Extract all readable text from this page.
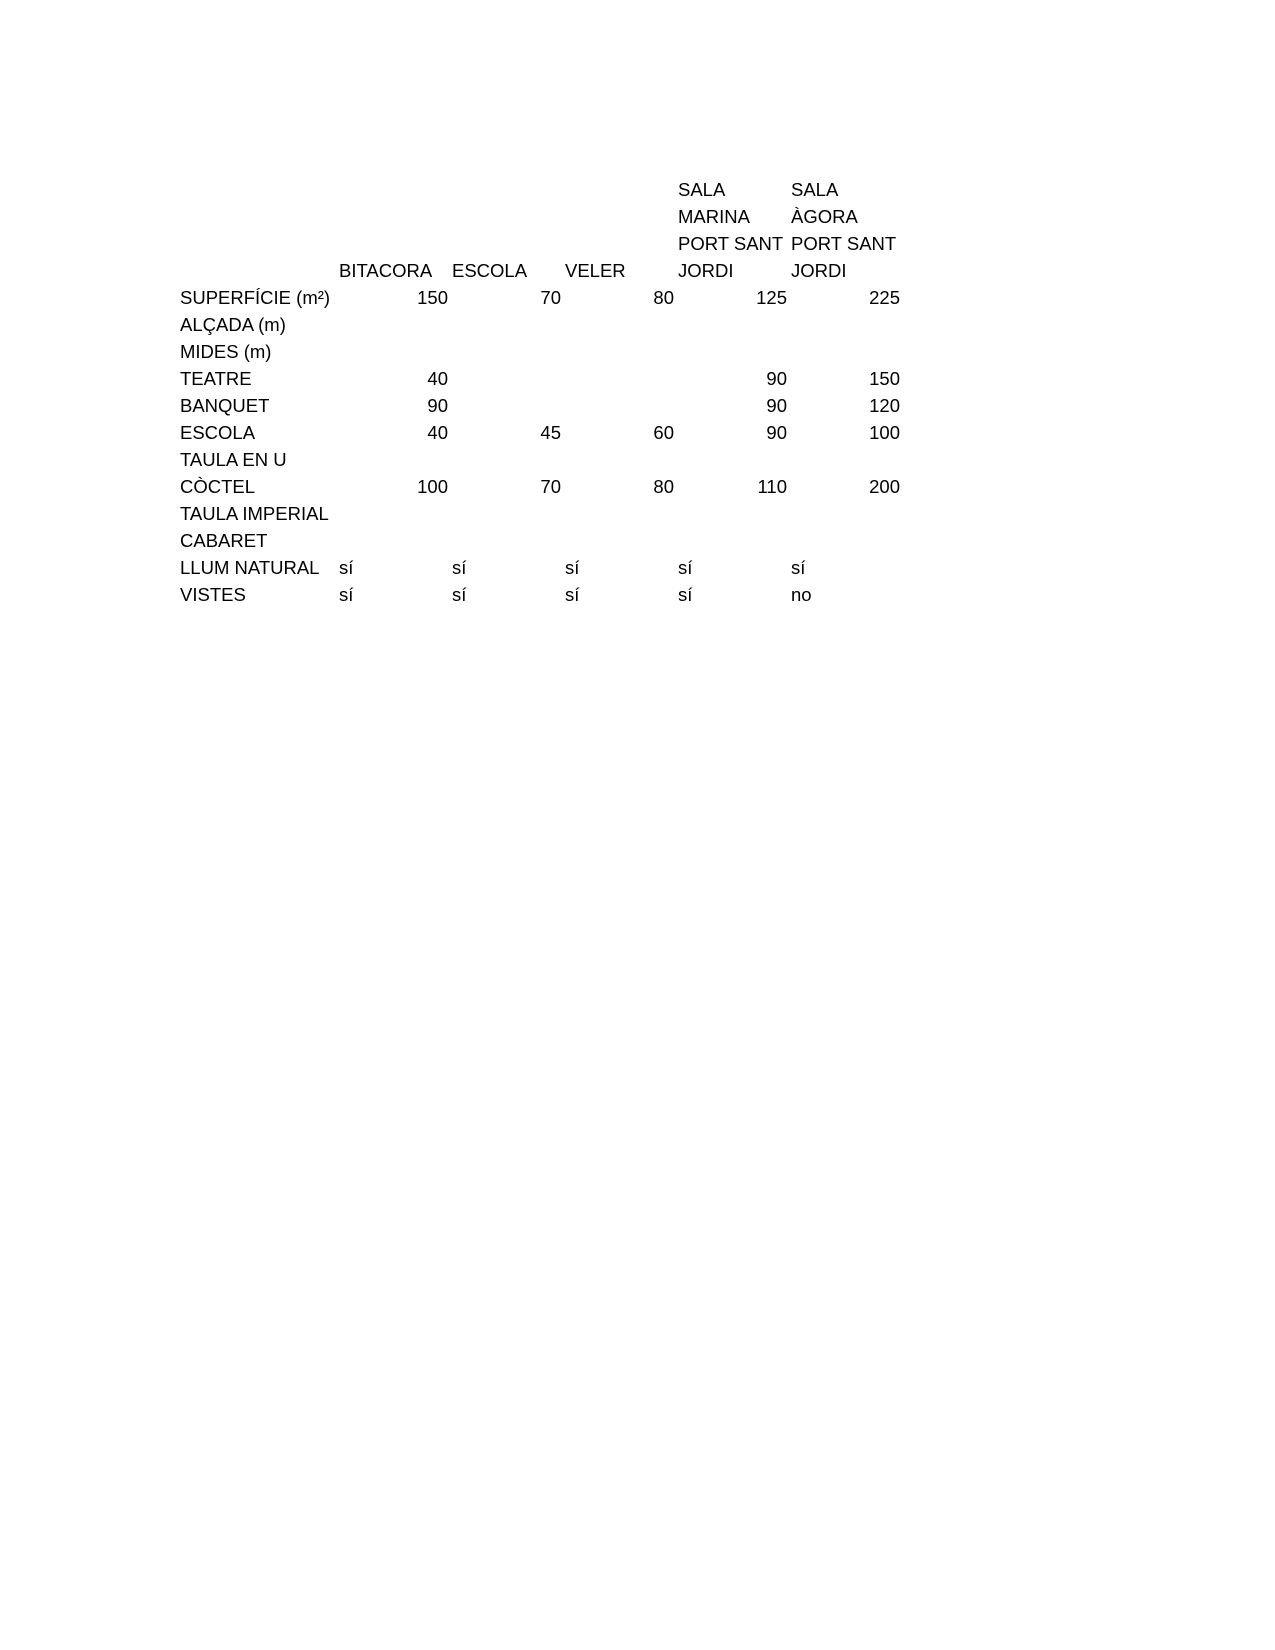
	BITACORA	ESCOLA	VELER	SALA
MARINA
PORT SANT
JORDI	SALA
ÀGORA
PORT SANT
JORDI

SUPERFÍCIE (m²)	150	70	80	125	225
ALÇADA (m)					
MIDES (m)					
TEATRE	40			90	150
BANQUET	90			90	120
ESCOLA	40	45	60	90	100
TAULA EN U					
CÒCTEL	100	70	80	110	200
TAULA IMPERIAL					
CABARET					
LLUM NATURAL	sí	sí	sí	sí	sí
VISTES	sí	sí	sí	sí	no
